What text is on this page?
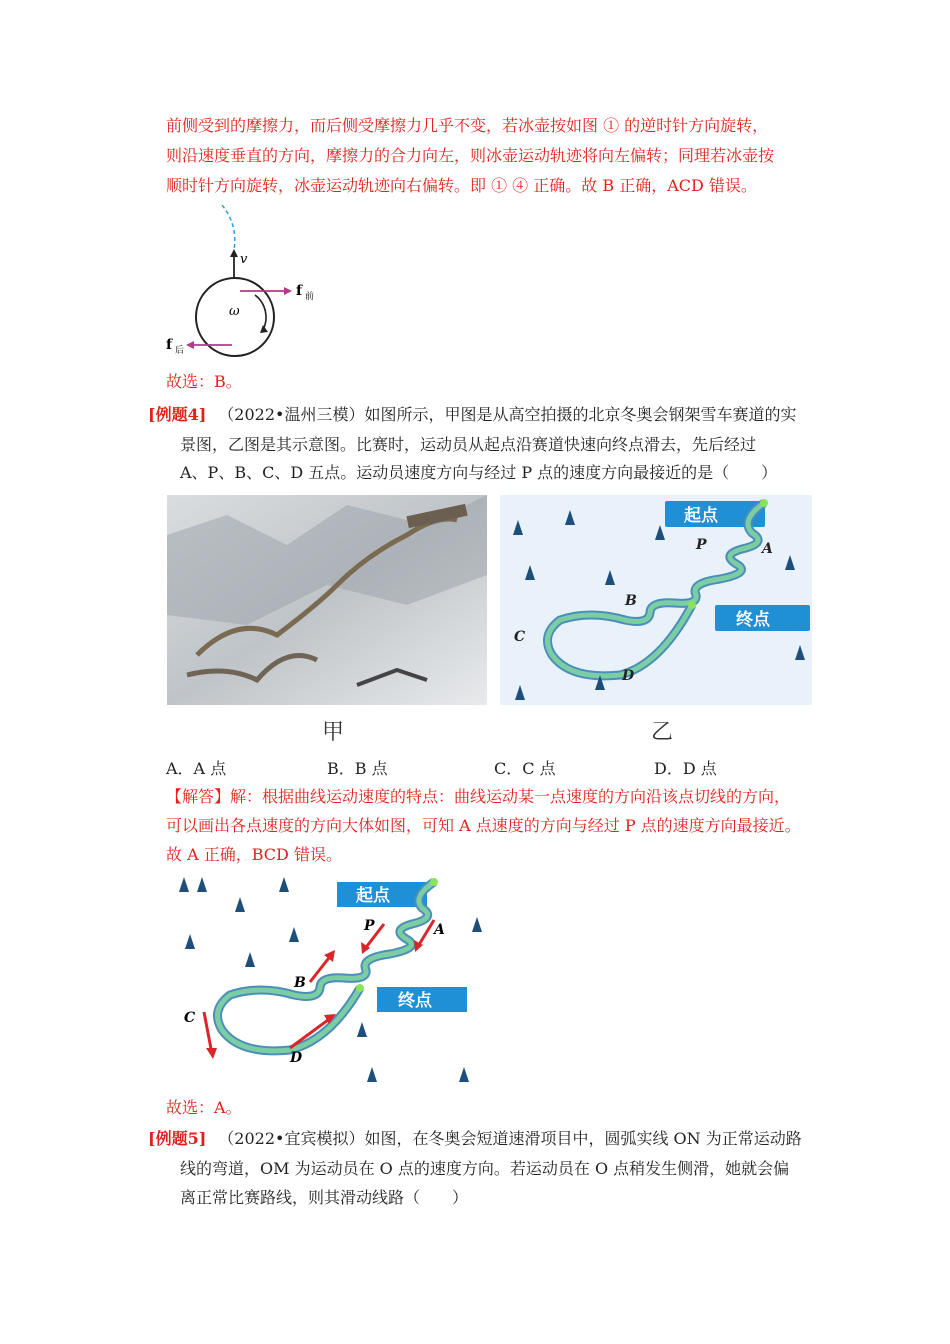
前侧受到的摩擦力，而后侧受摩擦力几乎不变，若冰壶按如图 ① 的逆时针方向旋转，
则沿速度垂直的方向，摩擦力的合力向左，则冰壶运动轨迹将向左偏转；同理若冰壶按
顺时针方向旋转，冰壶运动轨迹向右偏转。即 ① ④ 正确。故 B 正确，ACD 错误。
v
ω
f 前
f 后
故选：B。
[例题4] （2022•温州三模）如图所示，甲图是从高空拍摄的北京冬奥会钢架雪车赛道的实
景图，乙图是其示意图。比赛时，运动员从起点沿赛道快速向终点滑去，先后经过
A、P、B、C、D 五点。运动员速度方向与经过 P 点的速度方向最接近的是（　　）
起点
终点
P	A
B
C
D
甲	乙
A．A 点	B．B 点	C．C 点	D．D 点
【解答】解：根据曲线运动速度的特点：曲线运动某一点速度的方向沿该点切线的方向，
可以画出各点速度的方向大体如图，可知 A 点速度的方向与经过 P 点的速度方向最接近。
故 A 正确，BCD 错误。
起点
终点
P	A
B
C
D
故选：A。
[例题5] （2022•宜宾模拟）如图，在冬奥会短道速滑项目中，圆弧实线 ON 为正常运动路
线的弯道，OM 为运动员在 O 点的速度方向。若运动员在 O 点稍发生侧滑，她就会偏
离正常比赛路线，则其滑动线路（　　）
